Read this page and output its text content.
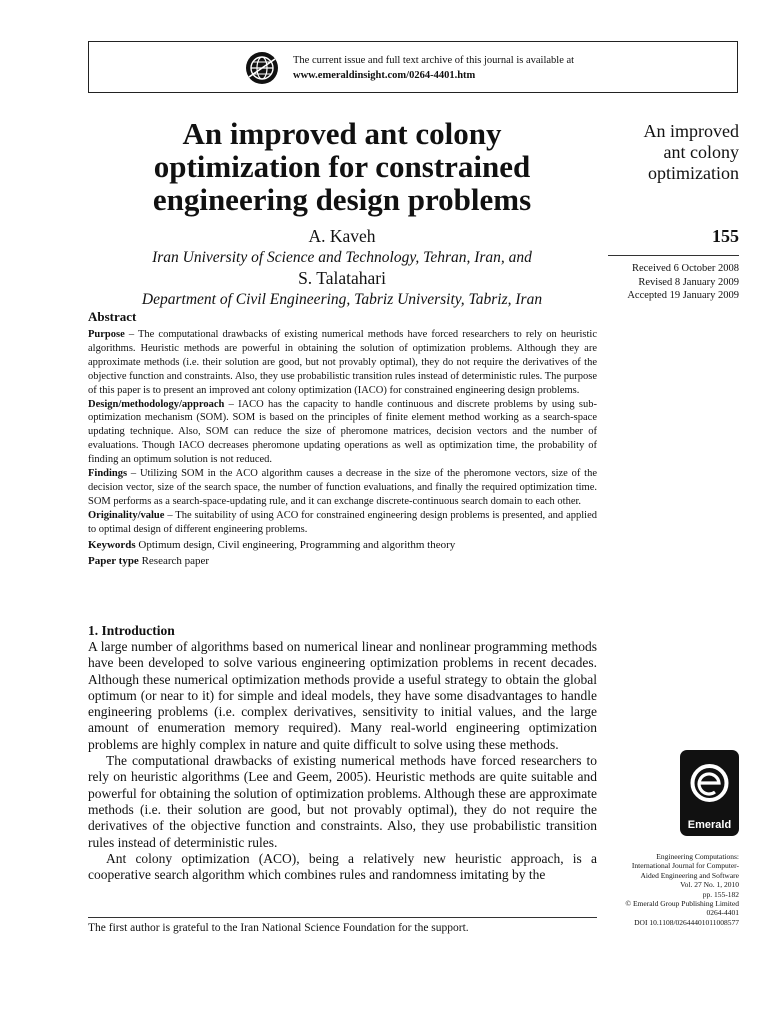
The current issue and full text archive of this journal is available at
www.emeraldinsight.com/0264-4401.htm
An improved ant colony
optimization for constrained
engineering design problems
A. Kaveh
Iran University of Science and Technology, Tehran, Iran, and
S. Talatahari
Department of Civil Engineering, Tabriz University, Tabriz, Iran
An improved
ant colony
optimization
155
Received 6 October 2008
Revised 8 January 2009
Accepted 19 January 2009
Abstract

Purpose – The computational drawbacks of existing numerical methods have forced researchers to rely on heuristic algorithms. Heuristic methods are powerful in obtaining the solution of optimization problems. Although they are approximate methods (i.e. their solution are good, but not provably optimal), they do not require the derivatives of the objective function and constraints. Also, they use probabilistic transition rules instead of deterministic rules. The purpose of this paper is to present an improved ant colony optimization (IACO) for constrained engineering design problems.

Design/methodology/approach – IACO has the capacity to handle continuous and discrete problems by using sub-optimization mechanism (SOM). SOM is based on the principles of finite element method working as a search-space updating technique. Also, SOM can reduce the size of pheromone matrices, decision vectors and the number of evaluations. Though IACO decreases pheromone updating operations as well as optimization time, the probability of finding an optimum solution is not reduced.

Findings – Utilizing SOM in the ACO algorithm causes a decrease in the size of the pheromone vectors, size of the decision vector, size of the search space, the number of function evaluations, and finally the required optimization time. SOM performs as a search-space-updating rule, and it can exchange discrete-continuous search domain to each other.

Originality/value – The suitability of using ACO for constrained engineering design problems is presented, and applied to optimal design of different engineering problems.

Keywords Optimum design, Civil engineering, Programming and algorithm theory

Paper type Research paper

1. Introduction

A large number of algorithms based on numerical linear and nonlinear programming methods have been developed to solve various engineering optimization problems in recent decades. Although these numerical optimization methods provide a useful strategy to obtain the global optimum (or near to it) for simple and ideal models, they have some disadvantages to handle engineering problems (i.e. complex derivatives, sensitivity to initial values, and the large amount of enumeration memory required). Many real-world engineering optimization problems are highly complex in nature and quite difficult to solve using these methods.

The computational drawbacks of existing numerical methods have forced researchers to rely on heuristic algorithms (Lee and Geem, 2005). Heuristic methods are quite suitable and powerful for obtaining the solution of optimization problems. Although these are approximate methods (i.e. their solution are good, but not provably optimal), they do not require the derivatives of the objective function and constraints. Also, they use probabilistic transition rules instead of deterministic rules.

Ant colony optimization (ACO), being a relatively new heuristic approach, is a cooperative search algorithm which combines rules and randomness imitating by the

The first author is grateful to the Iran National Science Foundation for the support.
Emerald
Engineering Computations:
International Journal for Computer-
Aided Engineering and Software
Vol. 27 No. 1, 2010
pp. 155-182
© Emerald Group Publishing Limited
0264-4401
DOI 10.1108/02644401011008577
